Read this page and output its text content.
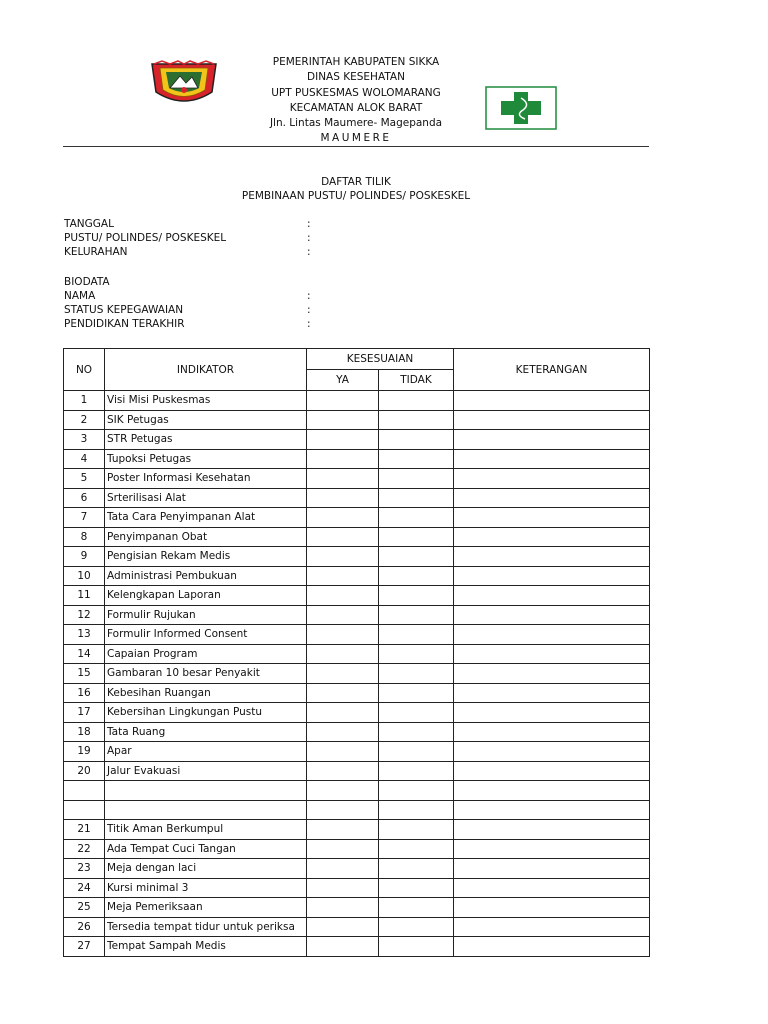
PEMERINTAH KABUPATEN SIKKA
DINAS KESEHATAN
UPT PUSKESMAS WOLOMARANG
KECAMATAN ALOK BARAT
Jln. Lintas Maumere- Magepanda
MAUMERE
DAFTAR TILIK
PEMBINAAN PUSTU/ POLINDES/ POSKESKEL
TANGGAL	:
PUSTU/ POLINDES/ POSKESKEL	:
KELURAHAN	:
BIODATA
NAMA	:
STATUS KEPEGAWAIAN	:
PENDIDIKAN TERAKHIR	:
NO	INDIKATOR	KESESUAIAN		KETERANGAN
		YA	TIDAK	
1	Visi Misi Puskesmas			
2	SIK Petugas			
3	STR Petugas			
4	Tupoksi Petugas			
5	Poster Informasi Kesehatan			
6	Srterilisasi Alat			
7	Tata Cara Penyimpanan Alat			
8	Penyimpanan Obat			
9	Pengisian Rekam Medis			
10	Administrasi Pembukuan			
11	Kelengkapan Laporan			
12	Formulir Rujukan			
13	Formulir Informed Consent			
14	Capaian Program			
15	Gambaran 10 besar Penyakit			
16	Kebesihan Ruangan			
17	Kebersihan Lingkungan Pustu			
18	Tata Ruang			
19	Apar			
20	Jalur Evakuasi			

21	Titik Aman Berkumpul			
22	Ada Tempat Cuci Tangan			
23	Meja dengan laci			
24	Kursi minimal 3			
25	Meja Pemeriksaan			
26	Tersedia tempat tidur untuk periksa			
27	Tempat Sampah Medis			
